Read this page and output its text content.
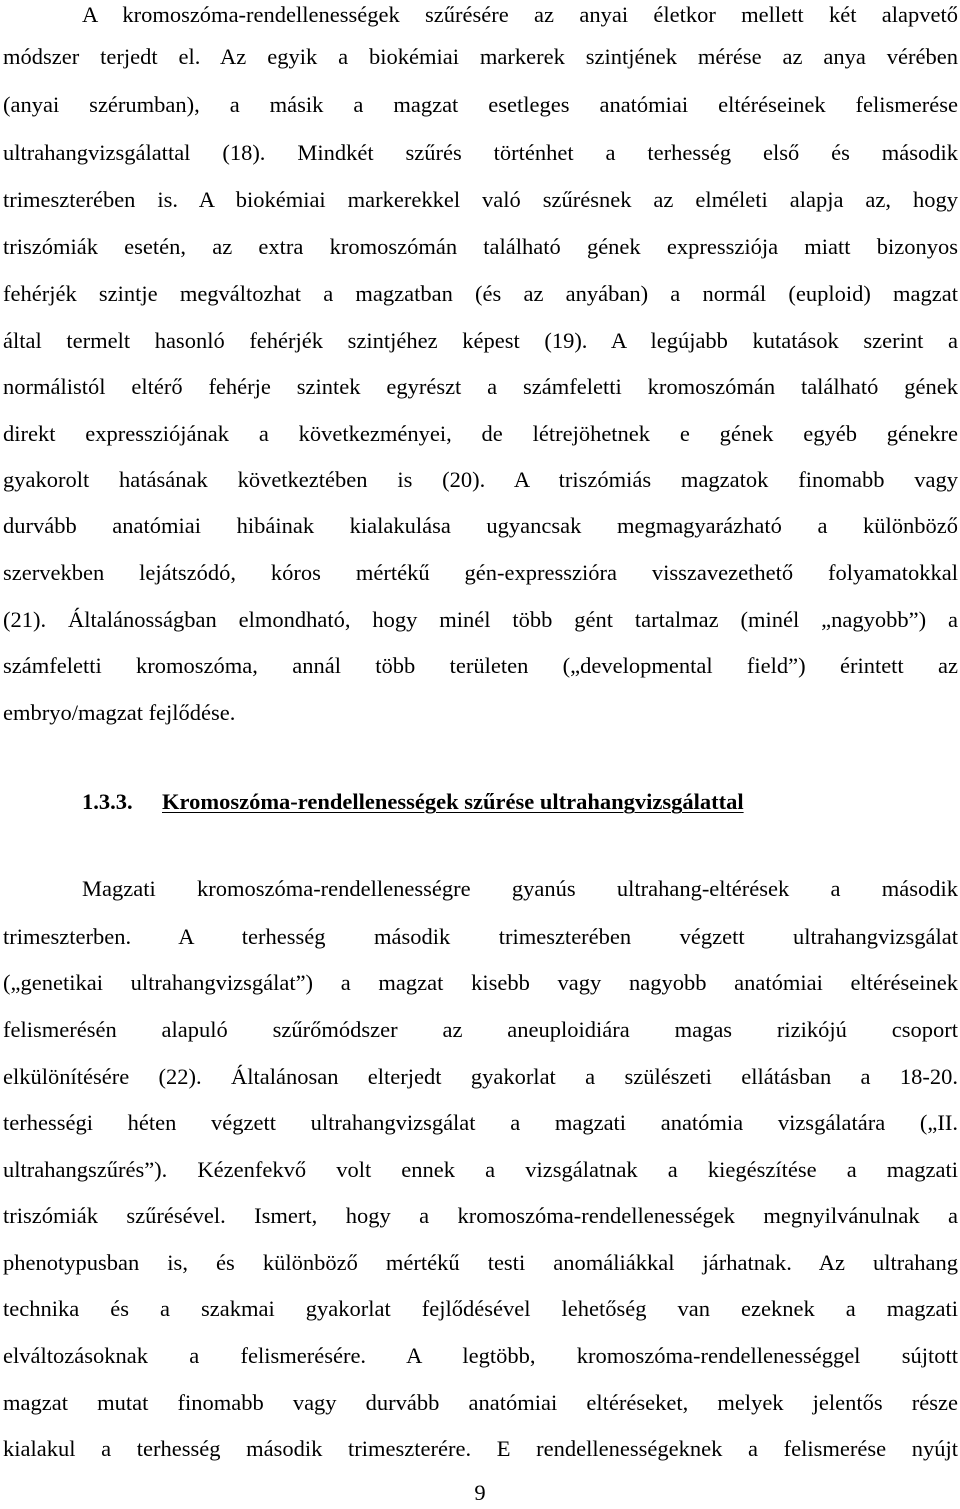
A kromoszóma-rendellenességek szűrésére az anyai életkor mellett két alapvető
módszer terjedt el. Az egyik a biokémiai markerek szintjének mérése az anya vérében
(anyai szérumban), a másik a magzat esetleges anatómiai eltéréseinek felismerése
ultrahangvizsgálattal (18). Mindkét szűrés történhet a terhesség első és második
trimeszterében is. A biokémiai markerekkel való szűrésnek az elméleti alapja az, hogy
triszómiák esetén, az extra kromoszómán található gének expressziója miatt bizonyos
fehérjék szintje megváltozhat a magzatban (és az anyában) a normál (euploid) magzat
által termelt hasonló fehérjék szintjéhez képest (19). A legújabb kutatások szerint a
normálistól eltérő fehérje szintek egyrészt a számfeletti kromoszómán található gének
direkt expressziójának a következményei, de létrejöhetnek e gének egyéb génekre
gyakorolt hatásának következtében is (20). A triszómiás magzatok finomabb vagy
durvább anatómiai hibáinak kialakulása ugyancsak megmagyarázható a különböző
szervekben lejátszódó, kóros mértékű gén-expresszióra visszavezethető folyamatokkal
(21). Általánosságban elmondható, hogy minél több gént tartalmaz (minél „nagyobb”) a
számfeletti kromoszóma, annál több területen („developmental field”) érintett az
embryo/magzat fejlődése.
1.3.3. Kromoszóma-rendellenességek szűrése ultrahangvizsgálattal
Magzati kromoszóma-rendellenességre gyanús ultrahang-eltérések a második
trimeszterben. A terhesség második trimeszterében végzett ultrahangvizsgálat
(„genetikai ultrahangvizsgálat”) a magzat kisebb vagy nagyobb anatómiai eltéréseinek
felismerésén alapuló szűrőmódszer az aneuploidiára magas rizikójú csoport
elkülönítésére (22). Általánosan elterjedt gyakorlat a szülészeti ellátásban a 18-20.
terhességi héten végzett ultrahangvizsgálat a magzati anatómia vizsgálatára („II.
ultrahangszűrés”). Kézenfekvő volt ennek a vizsgálatnak a kiegészítése a magzati
triszómiák szűrésével. Ismert, hogy a kromoszóma-rendellenességek megnyilvánulnak a
phenotypusban is, és különböző mértékű testi anomáliákkal járhatnak. Az ultrahang
technika és a szakmai gyakorlat fejlődésével lehetőség van ezeknek a magzati
elváltozásoknak a felismerésére. A legtöbb, kromoszóma-rendellenességgel sújtott
magzat mutat finomabb vagy durvább anatómiai eltéréseket, melyek jelentős része
kialakul a terhesség második trimeszterére. E rendellenességeknek a felismerése nyújt
9
